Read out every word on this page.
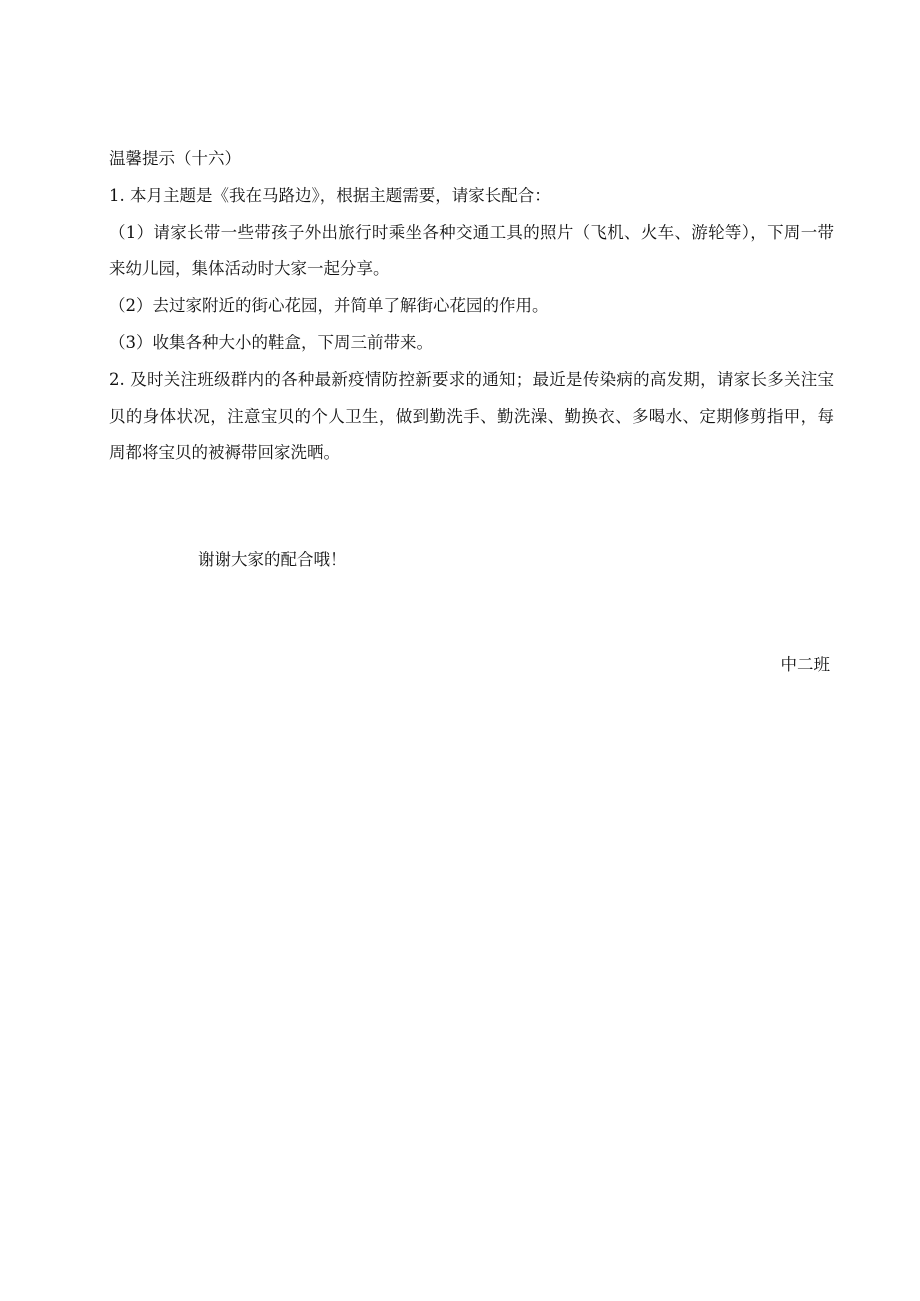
温馨提示（十六）
1. 本月主题是《我在马路边》，根据主题需要，请家长配合：
（1）请家长带一些带孩子外出旅行时乘坐各种交通工具的照片（飞机、火车、游轮等），下周一带来幼儿园，集体活动时大家一起分享。
（2）去过家附近的街心花园，并简单了解街心花园的作用。
（3）收集各种大小的鞋盒，下周三前带来。
2. 及时关注班级群内的各种最新疫情防控新要求的通知；最近是传染病的高发期，请家长多关注宝贝的身体状况，注意宝贝的个人卫生，做到勤洗手、勤洗澡、勤换衣、多喝水、定期修剪指甲，每周都将宝贝的被褥带回家洗晒。
谢谢大家的配合哦！
中二班
